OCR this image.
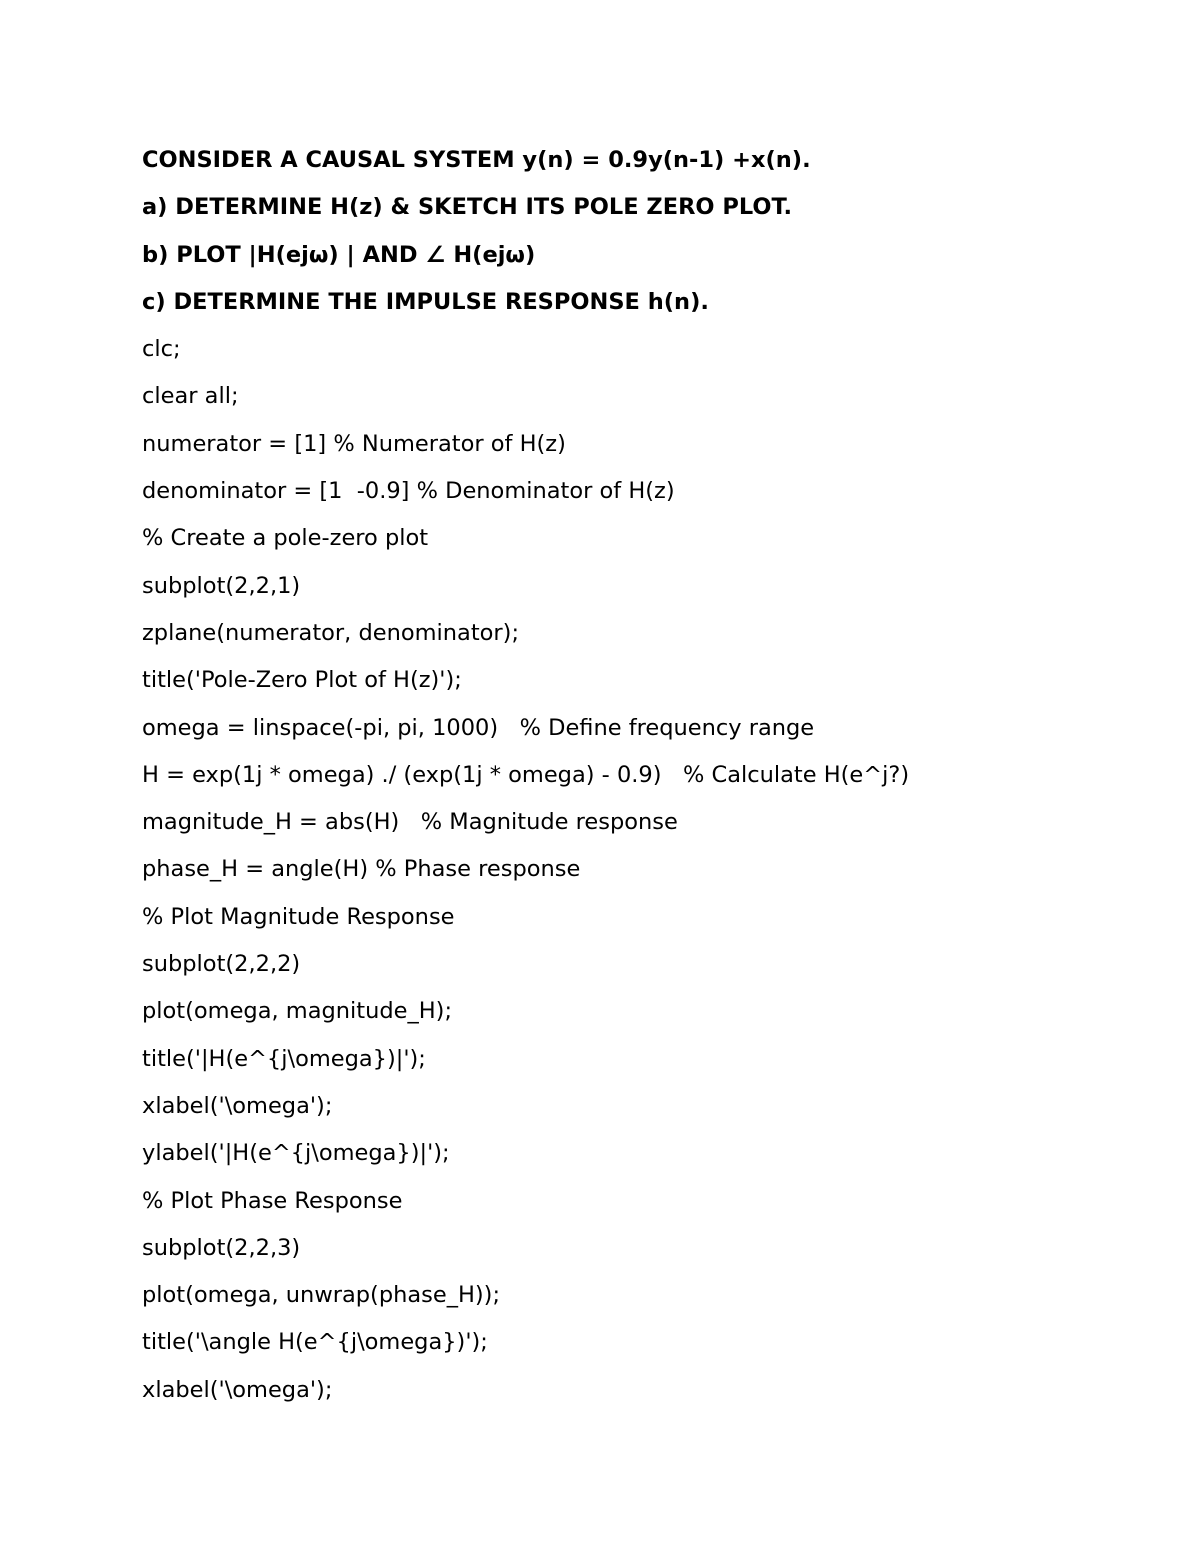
CONSIDER A CAUSAL SYSTEM y(n) = 0.9y(n-1) +x(n).
a) DETERMINE H(z) & SKETCH ITS POLE ZERO PLOT.
b) PLOT |H(ejω) | AND ∠ H(ejω)
c) DETERMINE THE IMPULSE RESPONSE h(n).
clc;
clear all;
numerator = [1] % Numerator of H(z)
denominator = [1  -0.9] % Denominator of H(z)
% Create a pole-zero plot
subplot(2,2,1)
zplane(numerator, denominator);
title('Pole-Zero Plot of H(z)');
omega = linspace(-pi, pi, 1000)   % Define frequency range
H = exp(1j * omega) ./ (exp(1j * omega) - 0.9)   % Calculate H(e^j?)
magnitude_H = abs(H)   % Magnitude response
phase_H = angle(H) % Phase response
% Plot Magnitude Response
subplot(2,2,2)
plot(omega, magnitude_H);
title('|H(e^{j\omega})|');
xlabel('\omega');
ylabel('|H(e^{j\omega})|');
% Plot Phase Response
subplot(2,2,3)
plot(omega, unwrap(phase_H));
title('\angle H(e^{j\omega})');
xlabel('\omega');
